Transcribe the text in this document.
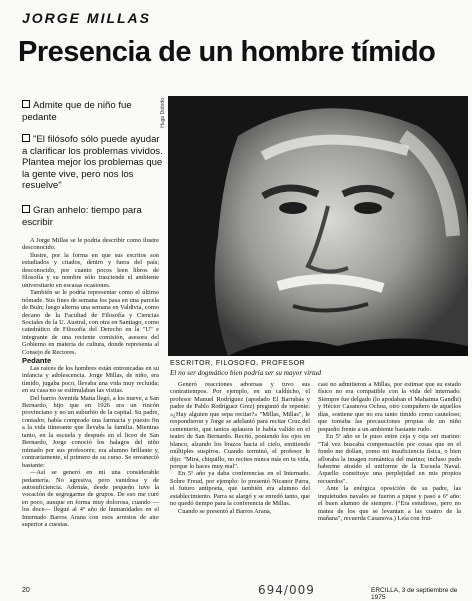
JORGE MILLAS
Presencia de un hombre tímido
Admite que de niño fue pedante
"El filósofo sólo puede ayudar a clarificar los problemas vividos. Plantea mejor los problemas que la gente vive, pero nos los resuelve"
Gran anhelo: tiempo para escribir

A Jorge Millas se le podría describir como ilustre desconocido.

Ilustre, por la forma en que sus escritos son estudiados y citados, dentro y fuera del país; desconocido, por cuanto pocos leen libros de filosofía y su nombre sólo trasciende el ambiente universitario en escasas ocasiones.

También se le podría representar como el último nómade. Sus fines de semana los pasa en una parcela de Buin; luego alterna una semana en Valdivia, como decano de la Facultad de Filosofía y Ciencias Sociales de la U. Austral, con otra en Santiago, como catedrático de Filosofía del Derecho en la "U" e integrante de una reciente comisión, asesora del Gobierno en materia de cultura, donde representa al Consejo de Rectores.

Pedante

Las raíces de los hombres están entroncadas en su infancia y adolescencia. Jorge Millas, de niño, era tímido, jugaba poco, llevaba una vida muy recluida; en su casa no se estimulaban las visitas.

Del barrio Avenida Matta llegó, a los nueve, a San Bernardo, hijo que en 1926 era un rincón provinciano y no un suburbio de la capital. Su padre, contador, había comprado una farmacia y puesto fin a la vida itinerante que llevaba la familia. Mientras tanto, en la escuela y después en el liceo de San Bernardo, Jorge conoció los halagos del niño mimado por sus profesores; era alumno brillante y, contrariamente, el primero de su curso. Se envaneció bastante:

—Así se generó en mí una considerable pedantería. No agresiva, pero vanidosa y de autosuficiencia. Además, desde pequeño tuve la vocación de segregarme de grupos. De eso me curé en poco, aunque en forma muy dolorosa, cuando —los doce— llegué al 4º año de humanidades en el Internado Barros Arana con esos arrestos de aire superior a cuestas.

Hugo Dobrdo
ESCRITOR, FILOSOFO, PROFESOR
El no ser dogmático bien podría ser su mayor virtud

Generó reacciones adversas y tuvo sus contratiempos. Por ejemplo, en un caldúcho, el profesor Manuel Rodríguez (apodado El Barrabás y padre de Pablo Rodríguez Grez) preguntó de repente: «¿Hay alguien que sepa recitar?» "Millas, Millas", le respondieron y Jorge se adelantó para recitar Cruz del cementerio, que tantos aplausos le había valido en el teatro de San Bernardo. Recitó, poniendo los ojos en blanco, alzando los brazos hacia el cielo, emitiendo múltiples suspiros. Cuando terminó, el profesor le dijo: "Mira, chiquillo, no recites nunca más en tu vida, porque lo haces muy mal".

En 5º año ya daba conferencias en el Internado. Sobre Freud, por ejemplo: lo presentó Nicanor Parra, el futuro antipoeta, que también era alumno del establecimiento. Parra se alargó y se enredó tanto, que no quedó tiempo para la conferencia de Millas.

Cuando se presentó al Barros Arana,

casi no admitieron a Millas, por estimar que su estado físico no era compatible con la vida del internado. Siempre fue delgado (lo apodaban el Mahatma Gandhi) y Héctor Casanova Ochoa, otro compañero de aquellos días, sostiene que no era tanto tímido como cauteloso; que tomaba las precauciones propias de un niño pequeño frente a un ambiente bastante rudo.

En 5º año se le puso entre ceja y ceja ser marino: "Tal vez buscaba compensación por cosas que en el fondo me dolían, como mi insuficiencia física, o bien afloraba la imagen romántica del marino; incluso pudo haberme atraído el uniforme de la Escuela Naval. Aquello constituye una perplejidad en mis propios recuerdos".

Ante la enérgica oposición de su padre, las inquietudes navales se fueron a pique y pasó a 6º año: el buen alumno de siempre. ("Era estudioso, pero no matea de los que se levantan a las cuatro de la mañana", recuerda Casanova.) Leía con frui-

20	694/009	ERCILLA, 3 de septiembre de 1975
